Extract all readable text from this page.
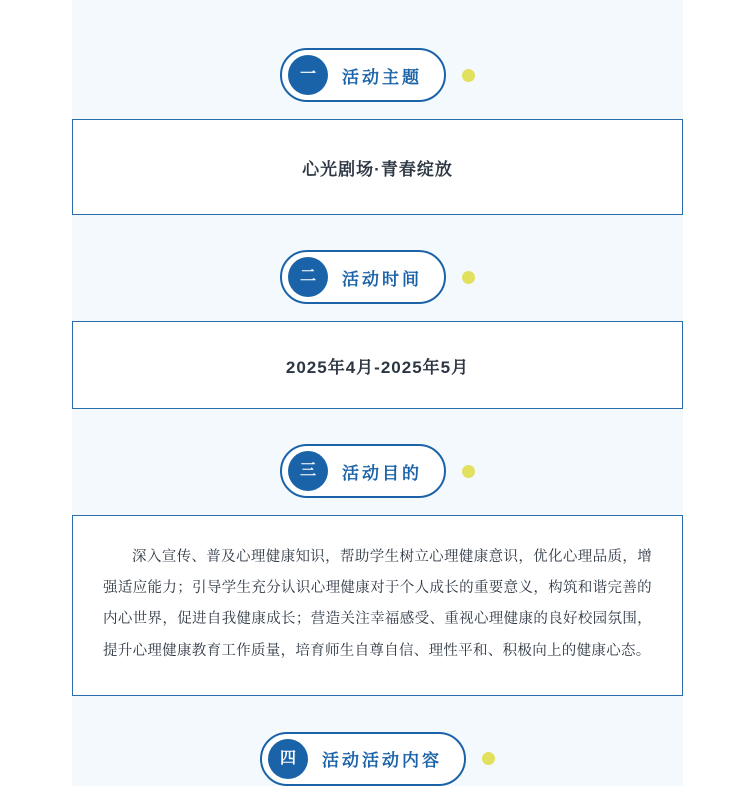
一	活动主题
心光剧场·青春绽放
二	活动时间
2025年4月-2025年5月
三	活动目的

深入宣传、普及心理健康知识，帮助学生树立心理健康意识，优化心理品质，增强适应能力；引导学生充分认识心理健康对于个人成长的重要意义，构筑和谐完善的内心世界，促进自我健康成长；营造关注幸福感受、重视心理健康的良好校园氛围，提升心理健康教育工作质量，培育师生自尊自信、理性平和、积极向上的健康心态。

四	活动活动内容
